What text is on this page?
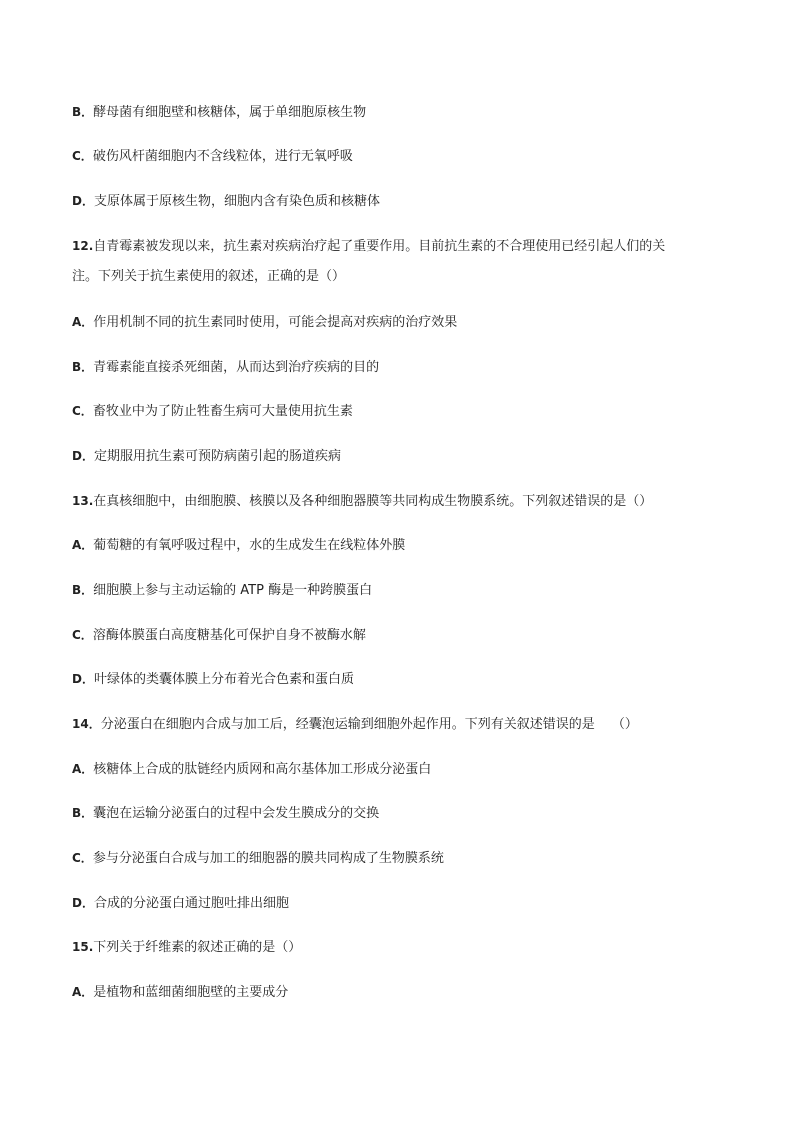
B．酵母菌有细胞壁和核糖体，属于单细胞原核生物
C．破伤风杆菌细胞内不含线粒体，进行无氧呼吸
D．支原体属于原核生物，细胞内含有染色质和核糖体
12.自青霉素被发现以来，抗生素对疾病治疗起了重要作用。目前抗生素的不合理使用已经引起人们的关
注。下列关于抗生素使用的叙述，正确的是（）
A．作用机制不同的抗生素同时使用，可能会提高对疾病的治疗效果
B．青霉素能直接杀死细菌，从而达到治疗疾病的目的
C．畜牧业中为了防止牲畜生病可大量使用抗生素
D．定期服用抗生素可预防病菌引起的肠道疾病
13.在真核细胞中，由细胞膜、核膜以及各种细胞器膜等共同构成生物膜系统。下列叙述错误的是（）
A．葡萄糖的有氧呼吸过程中，水的生成发生在线粒体外膜
B．细胞膜上参与主动运输的 ATP 酶是一种跨膜蛋白
C．溶酶体膜蛋白高度糖基化可保护自身不被酶水解
D．叶绿体的类囊体膜上分布着光合色素和蛋白质
14．分泌蛋白在细胞内合成与加工后，经囊泡运输到细胞外起作用。下列有关叙述错误的是　 （）
A．核糖体上合成的肽链经内质网和高尔基体加工形成分泌蛋白
B．囊泡在运输分泌蛋白的过程中会发生膜成分的交换
C．参与分泌蛋白合成与加工的细胞器的膜共同构成了生物膜系统
D．合成的分泌蛋白通过胞吐排出细胞
15.下列关于纤维素的叙述正确的是（）
A．是植物和蓝细菌细胞壁的主要成分
